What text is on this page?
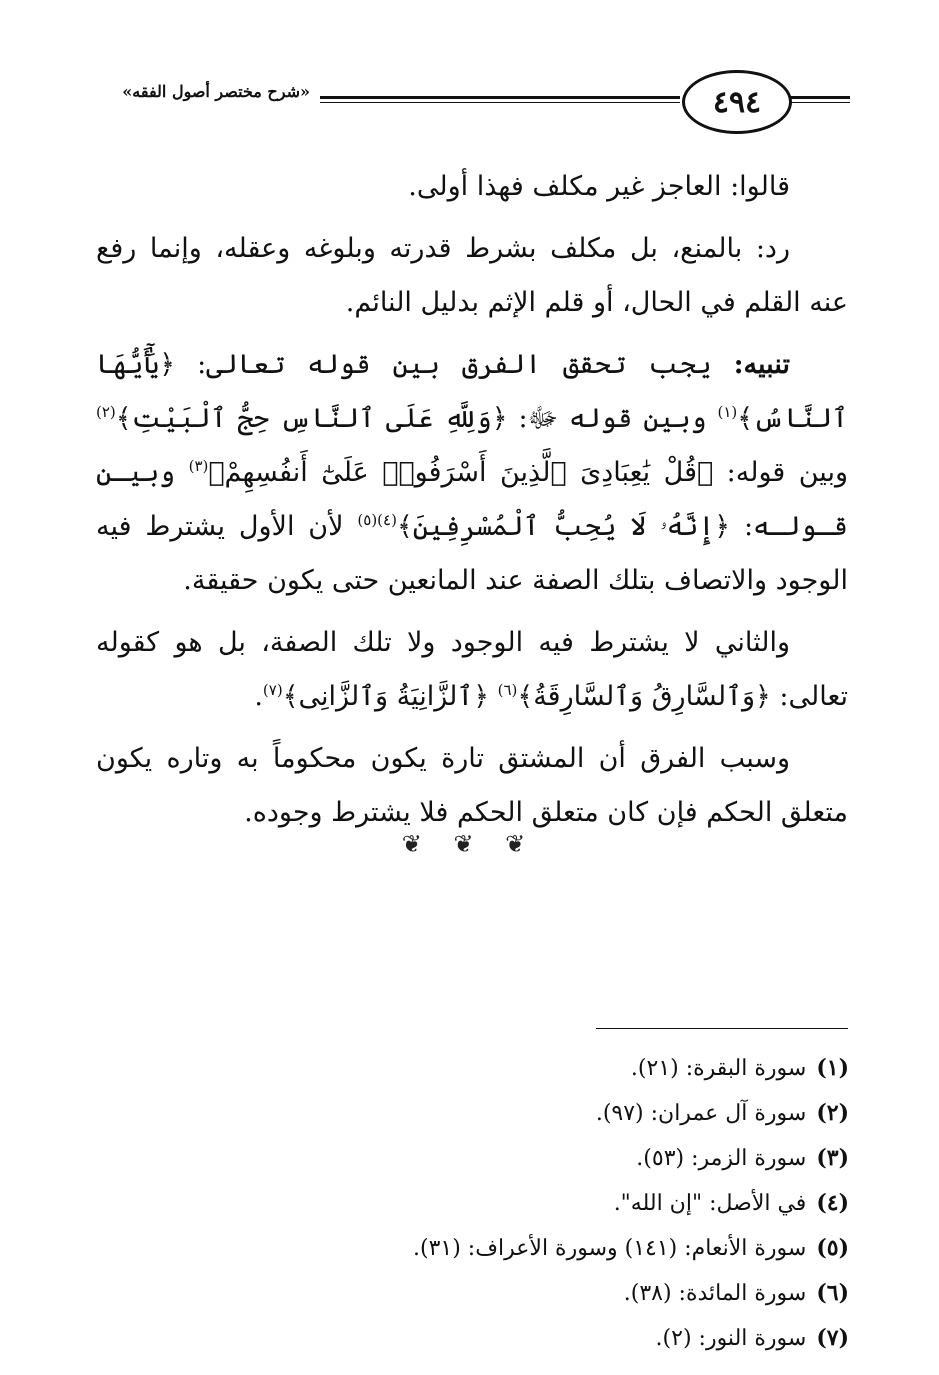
٤٩٤
«شرح مختصر أصول الفقه»

قالوا: العاجز غير مكلف فهذا أولى.

رد: بالمنع، بل مكلف بشرط قدرته وبلوغه وعقله، وإنما رفع عنه القلم في الحال، أو قلم الإثم بدليل النائم.

تنبيه: يجب تحقق الفرق بين قوله تعالى: ﴿يَٰٓأَيُّهَا ٱلنَّاسُ﴾$^{(١)}$ وبين قوله ﷻ: ﴿وَلِلَّهِ عَلَى ٱلنَّاسِ حِجُّ ٱلْبَيْتِ﴾$^{(٢)}$ وبين قوله: ﴿قُلْ يَٰعِبَادِىَ ٱلَّذِينَ أَسْرَفُوا۟ عَلَىٰٓ أَنفُسِهِمْ﴾$^{(٣)}$ وبيـن قـولـه: ﴿إِنَّهُۥ لَا يُحِبُّ ٱلْمُسْرِفِينَ﴾$^{(٤)(٥)}$ لأن الأول يشترط فيه الوجود والاتصاف بتلك الصفة عند المانعين حتى يكون حقيقة.

والثاني لا يشترط فيه الوجود ولا تلك الصفة، بل هو كقوله تعالى: ﴿وَٱلسَّارِقُ وَٱلسَّارِقَةُ﴾$^{(٦)}$ ﴿ٱلزَّانِيَةُ وَٱلزَّانِى﴾$^{(٧)}$.

وسبب الفرق أن المشتق تارة يكون محكوماً به وتاره يكون متعلق الحكم فإن كان متعلق الحكم فلا يشترط وجوده.

❦ ❦ ❦
(١)سورة البقرة: (٢١).
(٢)سورة آل عمران: (٩٧).
(٣)سورة الزمر: (٥٣).
(٤)في الأصل: "إن الله".
(٥)سورة الأنعام: (١٤١) وسورة الأعراف: (٣١).
(٦)سورة المائدة: (٣٨).
(٧)سورة النور: (٢).
